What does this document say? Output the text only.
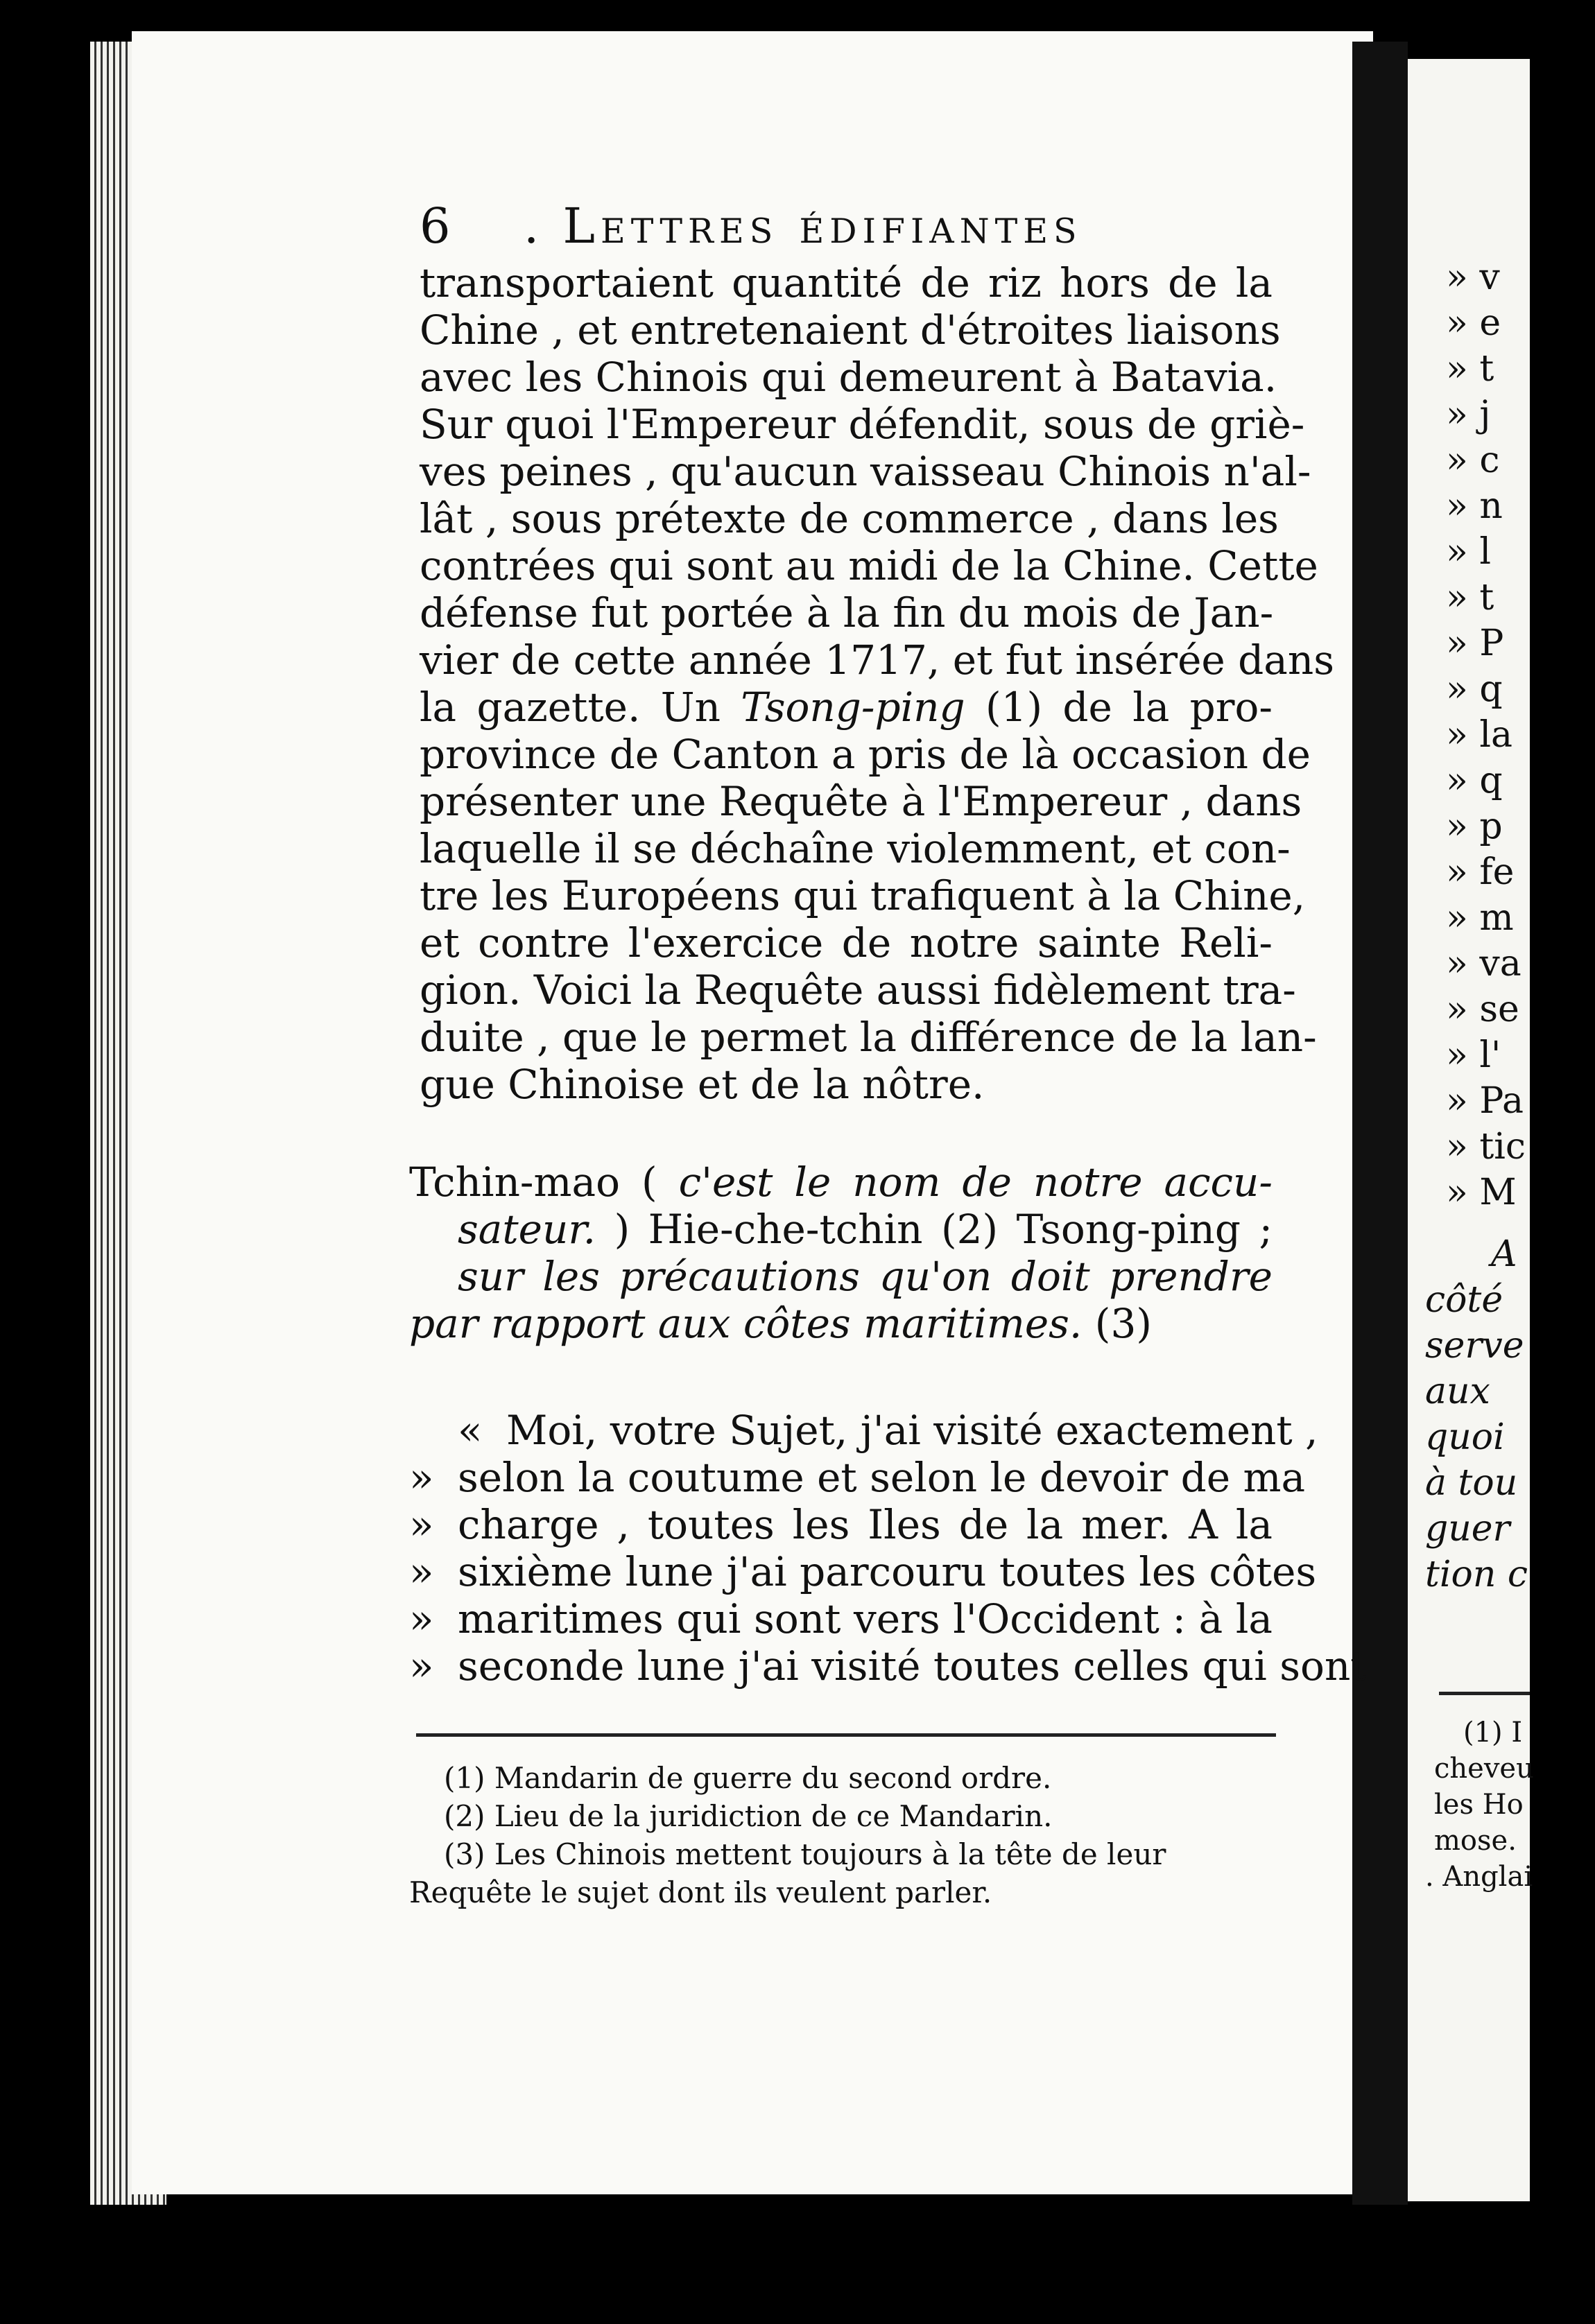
6 . Lettres édifiantes
transportaient quantité de riz hors de la
Chine , et entretenaient d'étroites liaisons
avec les Chinois qui demeurent à Batavia.
Sur quoi l'Empereur défendit, sous de griè-
ves peines , qu'aucun vaisseau Chinois n'al-
lât , sous prétexte de commerce , dans les
contrées qui sont au midi de la Chine. Cette
défense fut portée à la fin du mois de Jan-
vier de cette année 1717, et fut insérée dans
la gazette. Un Tsong-ping (1) de la pro-
province de Canton a pris de là occasion de
présenter une Requête à l'Empereur , dans
laquelle il se déchaîne violemment, et con-
tre les Européens qui trafiquent à la Chine,
et contre l'exercice de notre sainte Reli-
gion. Voici la Requête aussi fidèlement tra-
duite , que le permet la différence de la lan-
gue Chinoise et de la nôtre.
Tchin-mao ( c'est le nom de notre accu-
sateur. ) Hie-che-tchin (2) Tsong-ping ;
sur les précautions qu'on doit prendre
par rapport aux côtes maritimes. (3)
« Moi, votre Sujet, j'ai visité exactement ,
» selon la coutume et selon le devoir de ma
» charge , toutes les Iles de la mer. A la
» sixième lune j'ai parcouru toutes les côtes
» maritimes qui sont vers l'Occident : à la
» seconde lune j'ai visité toutes celles qui sont
(1) Mandarin de guerre du second ordre.
(2) Lieu de la juridiction de ce Mandarin.
(3) Les Chinois mettent toujours à la tête de leur
Requête le sujet dont ils veulent parler.
» v
» e
» t
» j
» c
» n
» l
» t
» P
» q
» la
» q
» p
» fe
» m
» va
» se
» l'
» Pa
» tic
» M
A
côté
serve
aux
quoi
à tou
guer
tion c
(1) I
cheveu
les Ho
mose.
. Anglai
